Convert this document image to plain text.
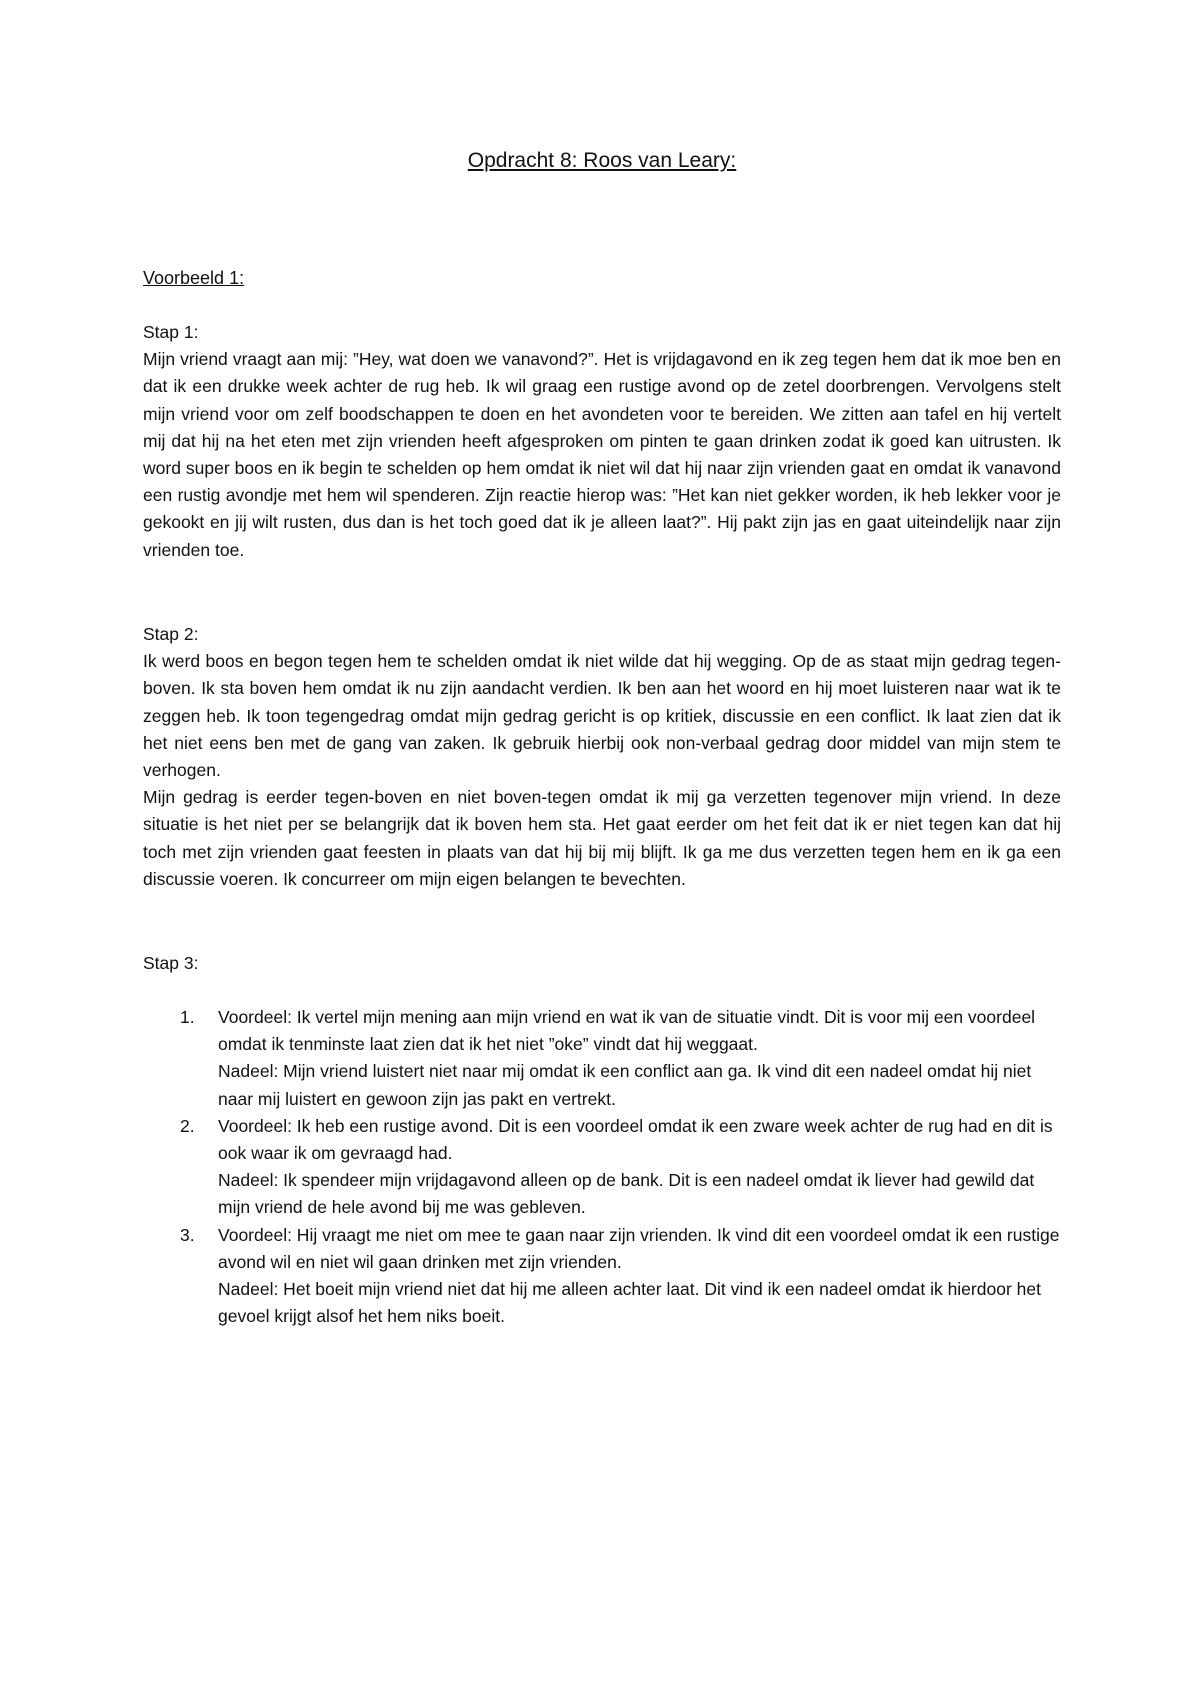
Opdracht 8: Roos van Leary:
Voorbeeld 1:
Stap 1:

Mijn vriend vraagt aan mij: ”Hey, wat doen we vanavond?”. Het is vrijdagavond en ik zeg tegen hem dat ik moe ben en dat ik een drukke week achter de rug heb. Ik wil graag een rustige avond op de zetel doorbrengen. Vervolgens stelt mijn vriend voor om zelf boodschappen te doen en het avondeten voor te bereiden. We zitten aan tafel en hij vertelt mij dat hij na het eten met zijn vrienden heeft afgesproken om pinten te gaan drinken zodat ik goed kan uitrusten. Ik word super boos en ik begin te schelden op hem omdat ik niet wil dat hij naar zijn vrienden gaat en omdat ik vanavond een rustig avondje met hem wil spenderen. Zijn reactie hierop was: ”Het kan niet gekker worden, ik heb lekker voor je gekookt en jij wilt rusten, dus dan is het toch goed dat ik je alleen laat?”. Hij pakt zijn jas en gaat uiteindelijk naar zijn vrienden toe.

Stap 2:

Ik werd boos en begon tegen hem te schelden omdat ik niet wilde dat hij wegging. Op de as staat mijn gedrag tegen-boven. Ik sta boven hem omdat ik nu zijn aandacht verdien. Ik ben aan het woord en hij moet luisteren naar wat ik te zeggen heb. Ik toon tegengedrag omdat mijn gedrag gericht is op kritiek, discussie en een conflict. Ik laat zien dat ik het niet eens ben met de gang van zaken. Ik gebruik hierbij ook non-verbaal gedrag door middel van mijn stem te verhogen.

Mijn gedrag is eerder tegen-boven en niet boven-tegen omdat ik mij ga verzetten tegenover mijn vriend. In deze situatie is het niet per se belangrijk dat ik boven hem sta. Het gaat eerder om het feit dat ik er niet tegen kan dat hij toch met zijn vrienden gaat feesten in plaats van dat hij bij mij blijft. Ik ga me dus verzetten tegen hem en ik ga een discussie voeren. Ik concurreer om mijn eigen belangen te bevechten.

Stap 3:
1. Voordeel: Ik vertel mijn mening aan mijn vriend en wat ik van de situatie vindt. Dit is voor mij een voordeel omdat ik tenminste laat zien dat ik het niet ”oke” vindt dat hij weggaat.
Nadeel: Mijn vriend luistert niet naar mij omdat ik een conflict aan ga. Ik vind dit een nadeel omdat hij niet naar mij luistert en gewoon zijn jas pakt en vertrekt.
2. Voordeel: Ik heb een rustige avond. Dit is een voordeel omdat ik een zware week achter de rug had en dit is ook waar ik om gevraagd had.
Nadeel: Ik spendeer mijn vrijdagavond alleen op de bank. Dit is een nadeel omdat ik liever had gewild dat mijn vriend de hele avond bij me was gebleven.
3. Voordeel: Hij vraagt me niet om mee te gaan naar zijn vrienden. Ik vind dit een voordeel omdat ik een rustige avond wil en niet wil gaan drinken met zijn vrienden.
Nadeel: Het boeit mijn vriend niet dat hij me alleen achter laat. Dit vind ik een nadeel omdat ik hierdoor het gevoel krijgt alsof het hem niks boeit.
